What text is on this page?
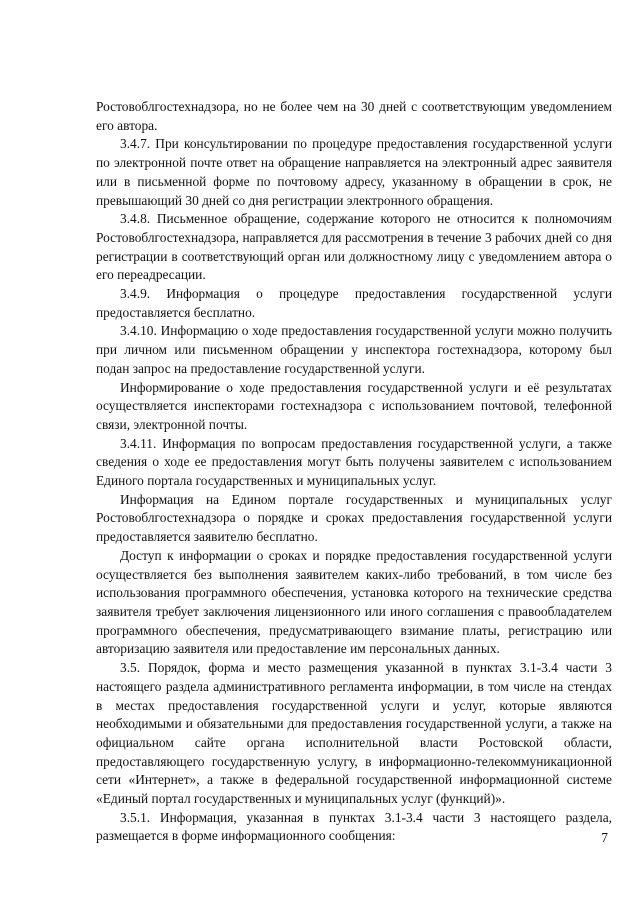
Ростовоблгостехнадзора, но не более чем на 30 дней с соответствующим уведомлением его автора.

3.4.7. При консультировании по процедуре предоставления государственной услуги по электронной почте ответ на обращение направляется на электронный адрес заявителя или в письменной форме по почтовому адресу, указанному в обращении в срок, не превышающий 30 дней со дня регистрации электронного обращения.

3.4.8. Письменное обращение, содержание которого не относится к полномочиям Ростовоблгостехнадзора, направляется для рассмотрения в течение 3 рабочих дней со дня регистрации в соответствующий орган или должностному лицу с уведомлением автора о его переадресации.

3.4.9. Информация о процедуре предоставления государственной услуги предоставляется бесплатно.

3.4.10. Информацию о ходе предоставления государственной услуги можно получить при личном или письменном обращении у инспектора гостехнадзора, которому был подан запрос на предоставление государственной услуги.

Информирование о ходе предоставления государственной услуги и её результатах осуществляется инспекторами гостехнадзора с использованием почтовой, телефонной связи, электронной почты.

3.4.11. Информация по вопросам предоставления государственной услуги, а также сведения о ходе ее предоставления могут быть получены заявителем с использованием Единого портала государственных и муниципальных услуг.

Информация на Едином портале государственных и муниципальных услуг Ростовоблгостехнадзора о порядке и сроках предоставления государственной услуги предоставляется заявителю бесплатно.

Доступ к информации о сроках и порядке предоставления государственной услуги осуществляется без выполнения заявителем каких-либо требований, в том числе без использования программного обеспечения, установка которого на технические средства заявителя требует заключения лицензионного или иного соглашения с правообладателем программного обеспечения, предусматривающего взимание платы, регистрацию или авторизацию заявителя или предоставление им персональных данных.

3.5. Порядок, форма и место размещения указанной в пунктах 3.1-3.4 части 3 настоящего раздела административного регламента информации, в том числе на стендах в местах предоставления государственной услуги и услуг, которые являются необходимыми и обязательными для предоставления государственной услуги, а также на официальном сайте органа исполнительной власти Ростовской области, предоставляющего государственную услугу, в информационно-телекоммуникационной сети «Интернет», а также в федеральной государственной информационной системе «Единый портал государственных и муниципальных услуг (функций)».

3.5.1. Информация, указанная в пунктах 3.1-3.4 части 3 настоящего раздела, размещается в форме информационного сообщения:	7
